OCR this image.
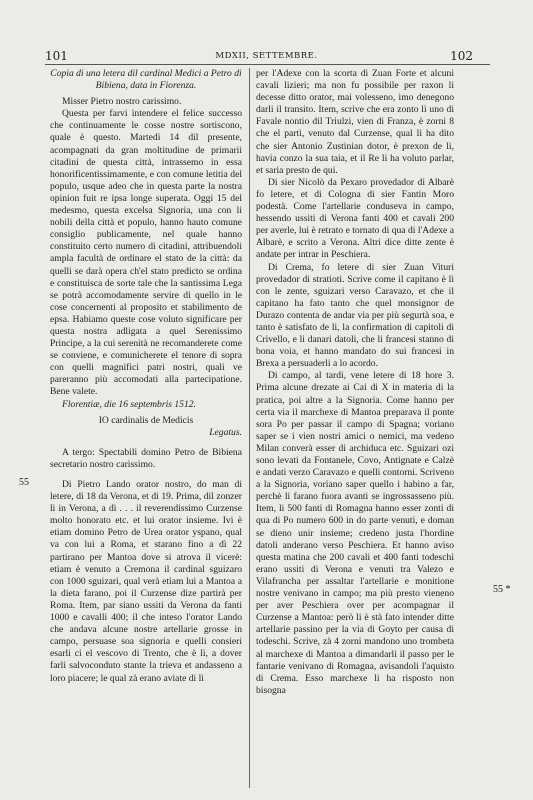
101	MDXII, SETTEMBRE.	102

Copia di una letera dil cardinal Medici a Petro di Bibiena, data in Fiorenza.

Misser Pietro nostro carissimo.

Questa per farvi intendere el felice successo che continuamente le cosse nostre sortiscono, quale è questo. Martedì 14 dil presente, acompagnati da gran moltitudine de primarii citadini de questa città, intrassemo in essa honorificentissimamente, e con comune letitia del populo, usque adeo che in questa parte la nostra opinion fuit re ipsa longe superata. Oggi 15 del medesmo, questa excelsa Signoria, una con li nobili della città et populo, hanno hauto comune consiglio publicamente, nel quale hanno constituito certo numero di citadini, attribuendoli ampla facultà de ordinare el stato de la città: da quelli se darà opera ch'el stato predicto se ordina e constituisca de sorte tale che la santissima Lega se potrà accomodamente servire di quello in le cose concernenti al proposito et stabilimento de epsa. Habiamo queste cose voluto significare per questa nostra adligata a quel Serenissimo Principe, a la cui serenità ne recomanderete come se conviene, e comunicherete el tenore di sopra con quelli magnifici patri nostri, quali ve pareranno più accomodati alla partecipatione. Bene valete.

Florentiæ, die 16 septembris 1512.

IO cardinalis de Medicis

Legatus.

A tergo: Spectabili domino Petro de Bibiena secretario nostro carissimo.

Di Pietro Lando orator nostro, do man di letere, di 18 da Verona, et di 19. Prima, dil zonzer lì in Verona, a dì . . . il reverendissimo Curzense molto honorato etc. et lui orator insieme. Ivi è etiam domino Petro de Urea orator yspano, qual va con lui a Roma, et starano fino a dì 22 partirano per Mantoa dove si atrova il vicerè: etiam è venuto a Cremona il cardinal sguizaro con 1000 sguizari, qual verà etiam lui a Mantoa a la dieta farano, poi il Curzense dize partirà per Roma. Item, par siano ussiti da Verona da fanti 1000 e cavalli 400; il che inteso l'orator Lando che andava alcune nostre artellarie grosse in campo, persuase soa signoria e quelli consieri esarli ci el vescovo di Trento, che è lì, a dover farli salvoconduto stante la trieva et andasseno a loro piacere; le qual zà erano aviate di lì

per l'Adexe con la scorta di Zuan Forte et alcuni cavali lizieri; ma non fu possibile per raxon li decesse ditto orator, mai volesseno, imo denegono darli il transito. Item, scrive che era zonto lì uno di Favale nontio dil Triulzi, vien di Franza, è zorni 8 che el partì, venuto dal Curzense, qual lì ha dito che sier Antonio Zustinian dotor, è prexon de lì, havia conzo la sua taia, et il Re li ha voluto parlar, et saria presto de qui.

Di sier Nicolò da Pexaro provedador di Albarè fo letere, et di Cologna di sier Fantin Moro podestà. Come l'artellarie conduseva in campo, hessendo ussiti di Verona fanti 400 et cavali 200 per averle, lui è retrato e tornato di qua di l'Adexe a Albarè, e scrito a Verona. Altri dice ditte zente è andate per intrar in Peschiera.

Di Crema, fo letere di sier Zuan Vituri provedador di stratioti. Scrive come il capitano è lì con le zente, sguizari verso Caravazo, et che il capitano ha fato tanto che quel monsignor de Durazo contenta de andar via per più segurtà soa, e tanto è satisfato de li, la confirmation di capitoli di Crivello, e li danari datoli, che li francesi stanno di bona voia, et hanno mandato do sui francesi in Brexa a persuaderli a lo acordo.

Di campo, al tardi, vene letere di 18 hore 3. Prima alcune drezate ai Cai di X in materia di la pratica, poi altre a la Signoria. Come hanno per certa via il marchexe di Mantoa preparava il ponte sora Po per passar il campo di Spagna; voriano saper se i vien nostri amici o nemici, ma vedeno Milan converà esser di archiduca etc. Sguizari ozi sono levati da Fontanele, Covo, Antignate e Calzè e andati verzo Caravazo e quelli contorni. Scriveno a la Signoria, voriano saper quello i habino a far, perchè li farano fuora avanti se ingrossasseno più. Item, li 500 fanti di Romagna hanno esser zonti di qua di Po numero 600 in do parte venuti, e doman se dieno unir insieme; credeno justa l'hordine datoli anderano verso Peschiera. Et hanno aviso questa matina che 200 cavali et 400 fanti todeschi erano ussiti di Verona e venuti tra Valezo e Vilafrancha per assaltar l'artellarie e monitione nostre venivano in campo; ma più presto vieneno per aver Peschiera over per acompagnar il Curzense a Mantoa: però li è stà fato intender ditte artellarie passino per la via di Goyto per causa di todeschi. Scrive, zà 4 zorni mandono uno trombeta al marchexe di Mantoa a dimandarli il passo per le fantarie venivano di Romagna, avisandoli l'aquisto di Crema. Esso marchexe li ha risposto non bisogna

55
55 *
